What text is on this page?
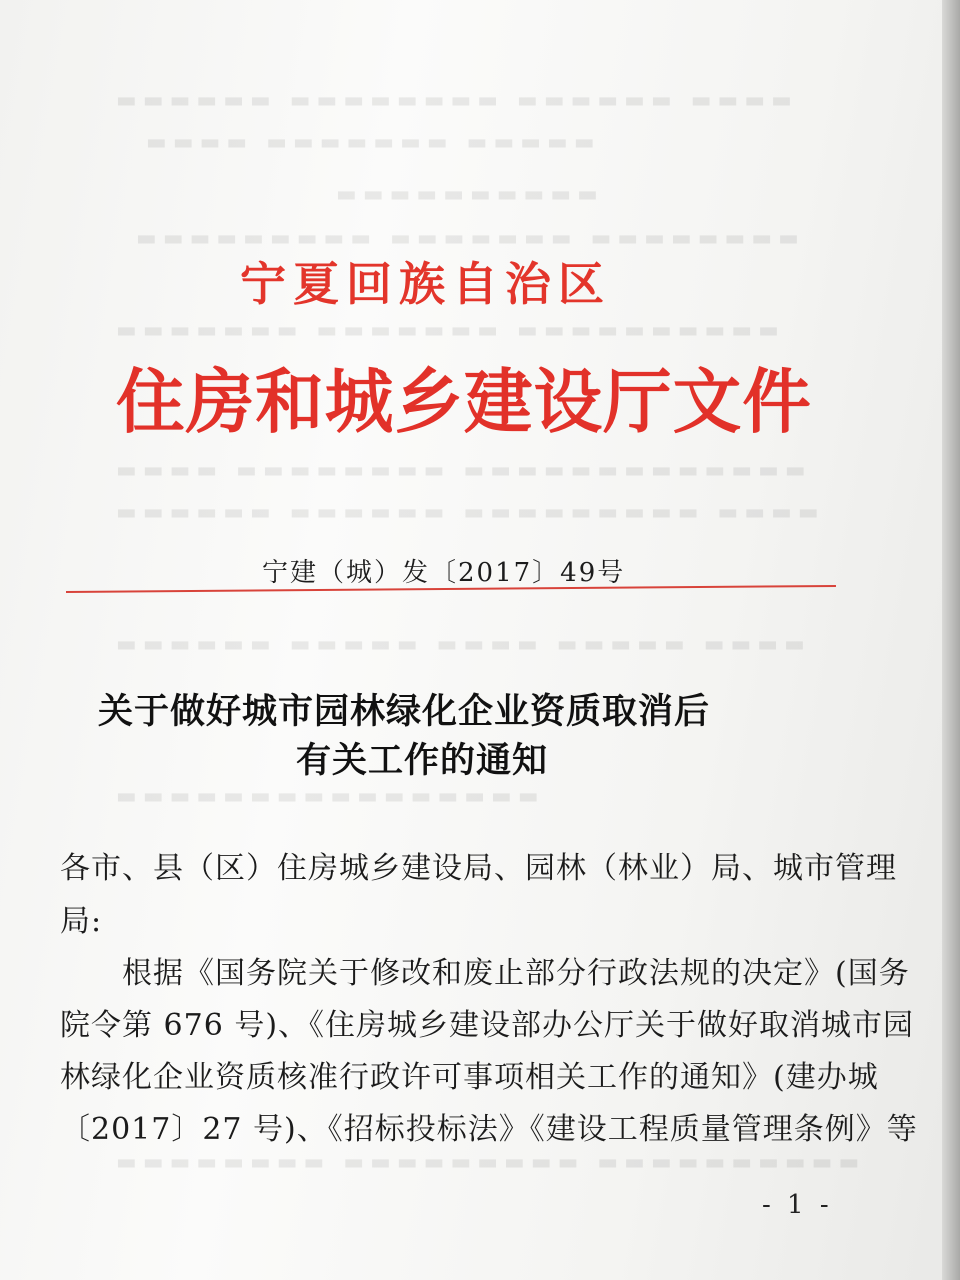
▬▬▬▬ ▬▬▬▬▬▬ ▬▬▬▬▬▬▬▬ ▬▬▬▬▬▬
▬▬▬▬▬ ▬▬▬▬▬▬▬ ▬▬▬▬
▬▬▬▬▬▬▬▬▬▬
▬▬▬▬▬▬▬▬ ▬▬▬▬▬▬▬ ▬▬▬▬▬▬▬▬▬
▬▬▬▬▬▬▬▬▬▬ ▬▬▬▬▬▬▬ ▬▬▬▬▬▬▬
▬▬▬▬▬▬▬▬▬▬▬▬▬ ▬▬▬▬▬▬▬▬ ▬▬▬▬
▬▬▬▬ ▬▬▬▬▬▬▬▬▬ ▬▬▬▬▬▬ ▬▬▬▬▬▬
▬▬▬▬ ▬▬▬▬▬ ▬▬▬▬ ▬▬▬▬▬ ▬▬▬▬▬▬
▬▬▬▬▬▬▬▬▬▬▬▬▬▬▬▬
▬▬▬▬▬▬▬▬▬▬ ▬▬▬▬▬▬▬▬▬ ▬▬▬▬▬▬▬▬
宁夏回族自治区
住房和城乡建设厅文件
宁建（城）发〔2017〕49号
关于做好城市园林绿化企业资质取消后
有关工作的通知
各市、县（区）住房城乡建设局、园林（林业）局、城市管理
局:
根据《国务院关于修改和废止部分行政法规的决定》(国务
院令第 676 号)、《住房城乡建设部办公厅关于做好取消城市园
林绿化企业资质核准行政许可事项相关工作的通知》(建办城
〔2017〕27 号)、《招标投标法》《建设工程质量管理条例》等
- 1 -
